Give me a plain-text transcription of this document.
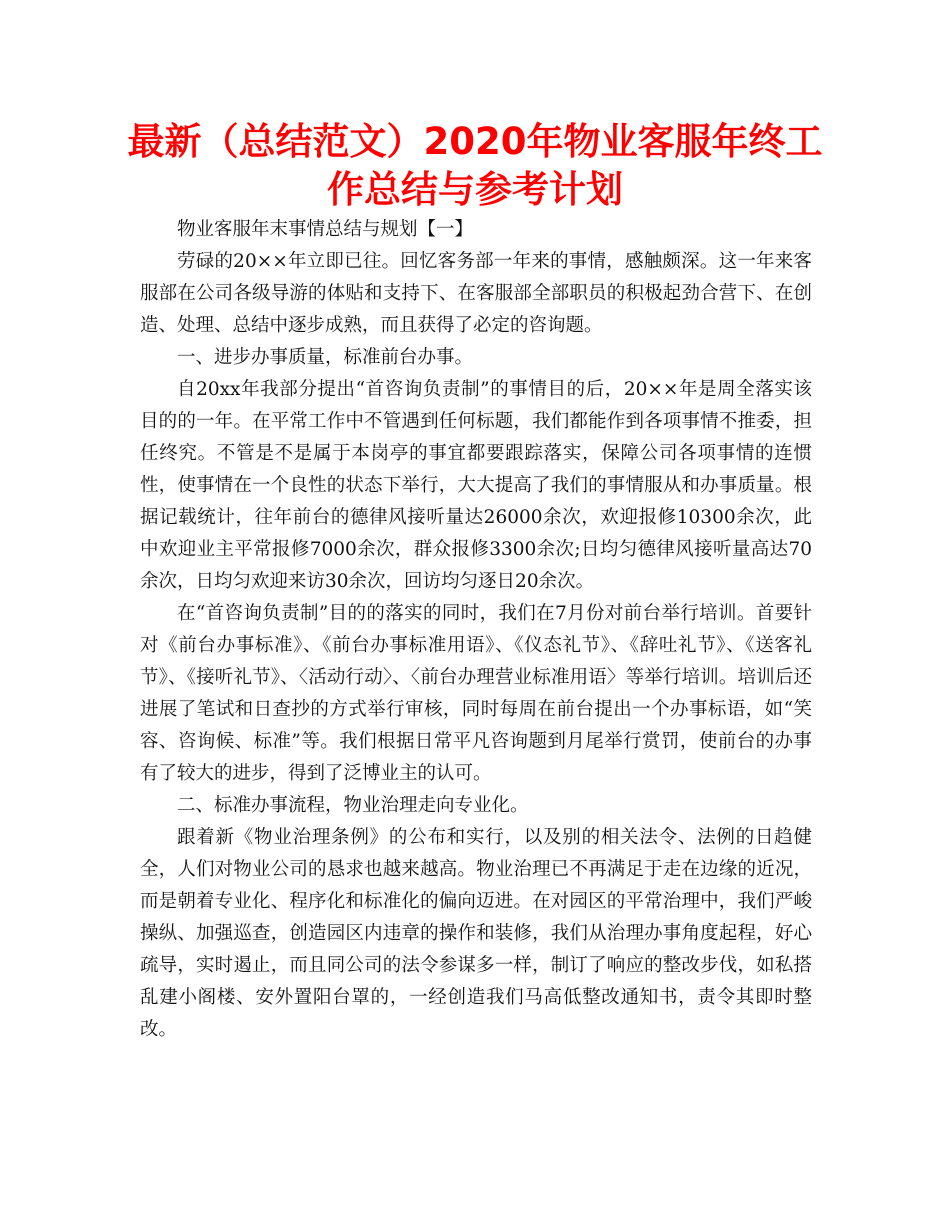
最新（总结范文）2020年物业客服年终工作总结与参考计划

物业客服年末事情总结与规划【一】

劳碌的20××年立即已往。回忆客务部一年来的事情，感触颇深。这一年来客服部在公司各级导游的体贴和支持下、在客服部全部职员的积极起劲合营下、在创造、处理、总结中逐步成熟，而且获得了必定的咨询题。

一、进步办事质量，标准前台办事。

自20xx年我部分提出“首咨询负责制”的事情目的后，20××年是周全落实该目的的一年。在平常工作中不管遇到任何标题，我们都能作到各项事情不推委，担任终究。不管是不是属于本岗亭的事宜都要跟踪落实，保障公司各项事情的连惯性，使事情在一个良性的状态下举行，大大提高了我们的事情服从和办事质量。根据记载统计，往年前台的德律风接听量达26000余次，欢迎报修10300余次，此中欢迎业主平常报修7000余次，群众报修3300余次;日均匀德律风接听量高达70余次，日均匀欢迎来访30余次，回访均匀逐日20余次。

在“首咨询负责制”目的的落实的同时，我们在7月份对前台举行培训。首要针对《前台办事标准》、《前台办事标准用语》、《仪态礼节》、《辞吐礼节》、《送客礼节》、《接听礼节》、〈活动行动〉、〈前台办理营业标准用语〉等举行培训。培训后还进展了笔试和日查抄的方式举行审核，同时每周在前台提出一个办事标语，如“笑容、咨询候、标准”等。我们根据日常平凡咨询题到月尾举行赏罚，使前台的办事有了较大的进步，得到了泛博业主的认可。

二、标准办事流程，物业治理走向专业化。

跟着新《物业治理条例》的公布和实行，以及别的相关法令、法例的日趋健全，人们对物业公司的恳求也越来越高。物业治理已不再满足于走在边缘的近况，而是朝着专业化、程序化和标准化的偏向迈进。在对园区的平常治理中，我们严峻操纵、加强巡查，创造园区内违章的操作和装修，我们从治理办事角度起程，好心疏导，实时遏止，而且同公司的法令参谋多一样，制订了响应的整改步伐，如私搭乱建小阁楼、安外置阳台罩的，一经创造我们马高低整改通知书，责令其即时整改。
